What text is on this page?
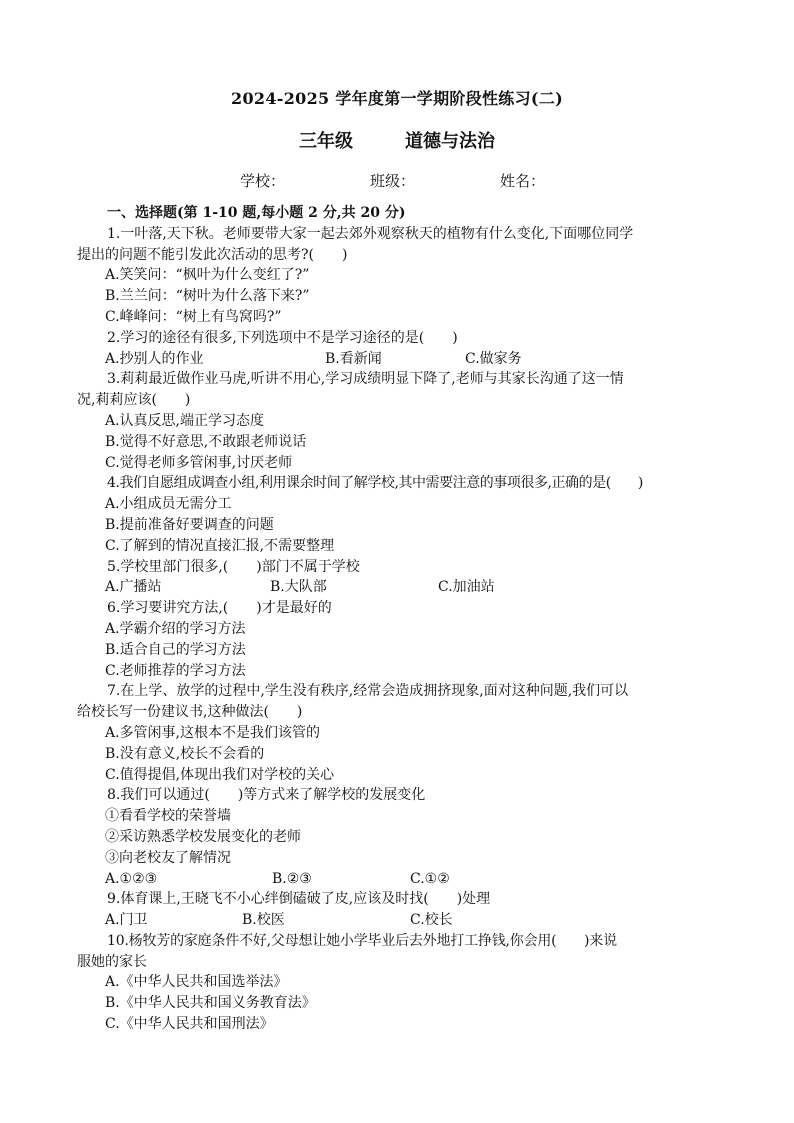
2024-2025 学年度第一学期阶段性练习(二)
三年级	道德与法治
学校：	班级：	姓名：
一、选择题(第 1-10 题,每小题 2 分,共 20 分)
1.一叶落,天下秋。老师要带大家一起去郊外观察秋天的植物有什么变化,下面哪位同学
提出的问题不能引发此次活动的思考?(　　)
A.笑笑问：“枫叶为什么变红了?”
B.兰兰问：“树叶为什么落下来?”
C.峰峰问：“树上有鸟窝吗?”
2.学习的途径有很多,下列选项中不是学习途径的是(　　)
A.抄别人的作业	B.看新闻	C.做家务
3.莉莉最近做作业马虎,听讲不用心,学习成绩明显下降了,老师与其家长沟通了这一情
况,莉莉应该(　　)
A.认真反思,端正学习态度
B.觉得不好意思,不敢跟老师说话
C.觉得老师多管闲事,讨厌老师
4.我们自愿组成调查小组,利用课余时间了解学校,其中需要注意的事项很多,正确的是(　　)
A.小组成员无需分工
B.提前准备好要调查的问题
C.了解到的情况直接汇报,不需要整理
5.学校里部门很多,(　　)部门不属于学校
A.广播站	B.大队部	C.加油站
6.学习要讲究方法,(　　)才是最好的
A.学霸介绍的学习方法
B.适合自己的学习方法
C.老师推荐的学习方法
7.在上学、放学的过程中,学生没有秩序,经常会造成拥挤现象,面对这种问题,我们可以
给校长写一份建议书,这种做法(　　)
A.多管闲事,这根本不是我们该管的
B.没有意义,校长不会看的
C.值得提倡,体现出我们对学校的关心
8.我们可以通过(　　)等方式来了解学校的发展变化
①看看学校的荣誉墙
②采访熟悉学校发展变化的老师
③向老校友了解情况
A.①②③	B.②③	C.①②
9.体育课上,王晓飞不小心绊倒磕破了皮,应该及时找(　　)处理
A.门卫	B.校医	C.校长
10.杨牧芳的家庭条件不好,父母想让她小学毕业后去外地打工挣钱,你会用(　　)来说
服她的家长
A.《中华人民共和国选举法》
B.《中华人民共和国义务教育法》
C.《中华人民共和国刑法》
